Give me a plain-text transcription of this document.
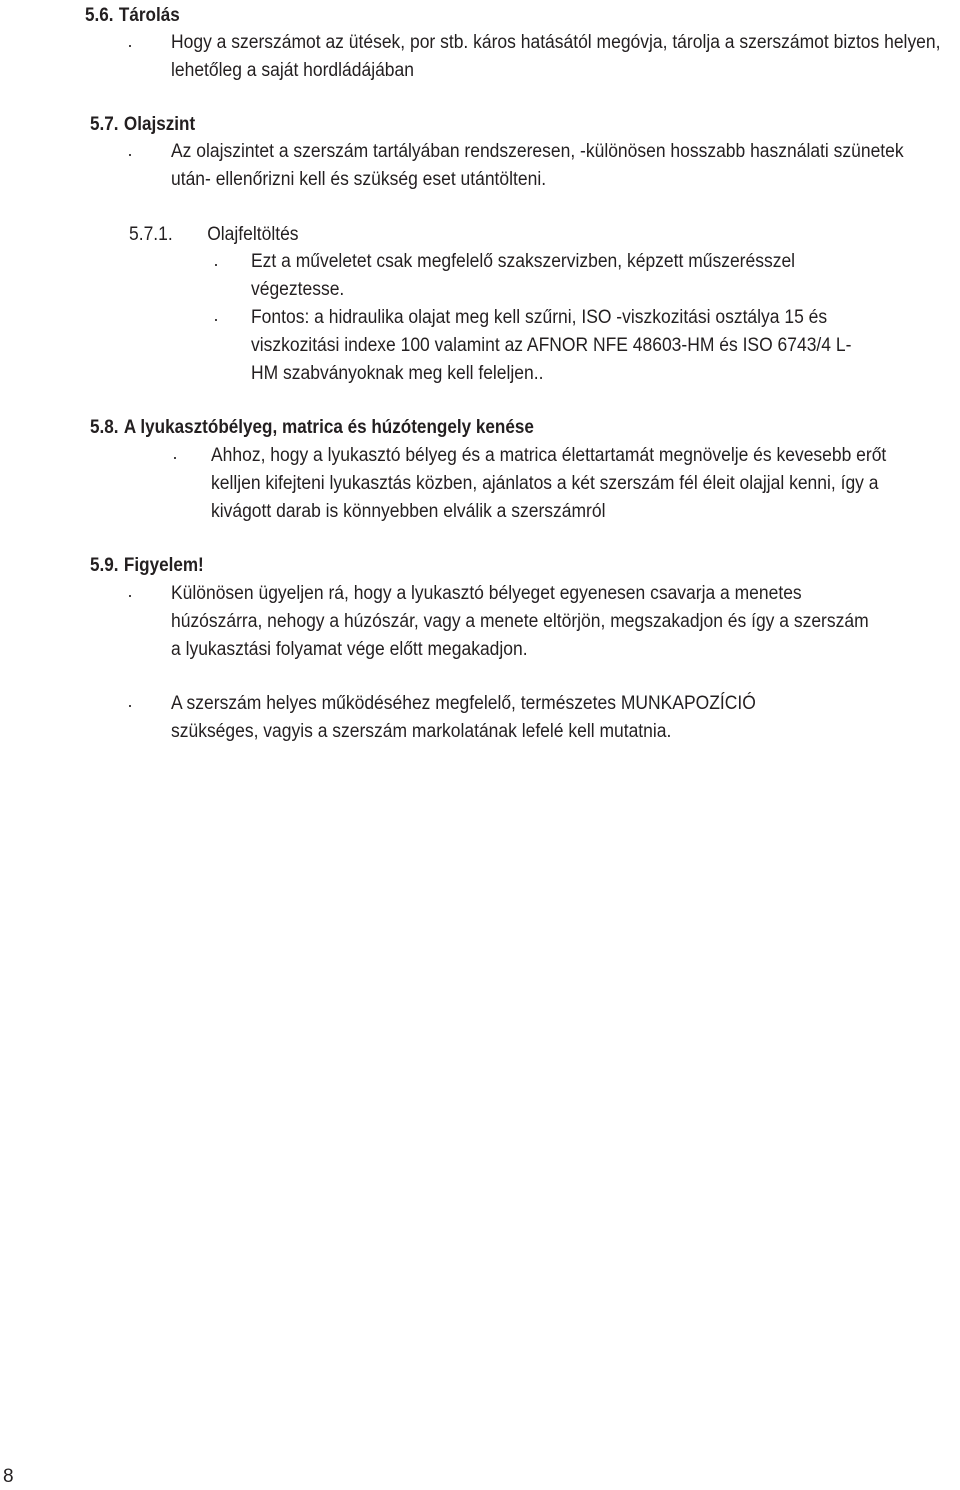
5.6. Tárolás
· Hogy a szerszámot az ütések, por stb. káros hatásától megóvja, tárolja a szerszámot biztos helyen, lehetőleg a saját hordládájában
5.7. Olajszint
· Az olajszintet a szerszám tartályában rendszeresen, -különösen hosszabb használati szünetek után- ellenőrizni kell és szükség eset utántölteni.
5.7.1. Olajfeltöltés
· Ezt a műveletet csak megfelelő szakszervizben, képzett műszerésszel végeztesse.
· Fontos: a hidraulika olajat meg kell szűrni, ISO -viszkozitási osztálya 15 és viszkozitási indexe 100 valamint az AFNOR NFE 48603-HM és ISO 6743/4 L-HM szabványoknak meg kell feleljen..
5.8. A lyukasztóbélyeg, matrica és húzótengely kenése
· Ahhoz, hogy a lyukasztó bélyeg és a matrica élettartamát megnövelje és kevesebb erőt kelljen kifejteni lyukasztás közben, ajánlatos a két szerszám fél éleit olajjal kenni, így a kivágott darab is könnyebben elválik a szerszámról
5.9. Figyelem!
· Különösen ügyeljen rá, hogy a lyukasztó bélyeget egyenesen csavarja a menetes húzószárra, nehogy a húzószár, vagy a menete eltörjön, megszakadjon és így a szerszám a lyukasztási folyamat vége előtt megakadjon.
· A szerszám helyes működéséhez megfelelő, természetes MUNKAPOZÍCIÓ szükséges, vagyis a szerszám markolatának lefelé kell mutatnia.
8
